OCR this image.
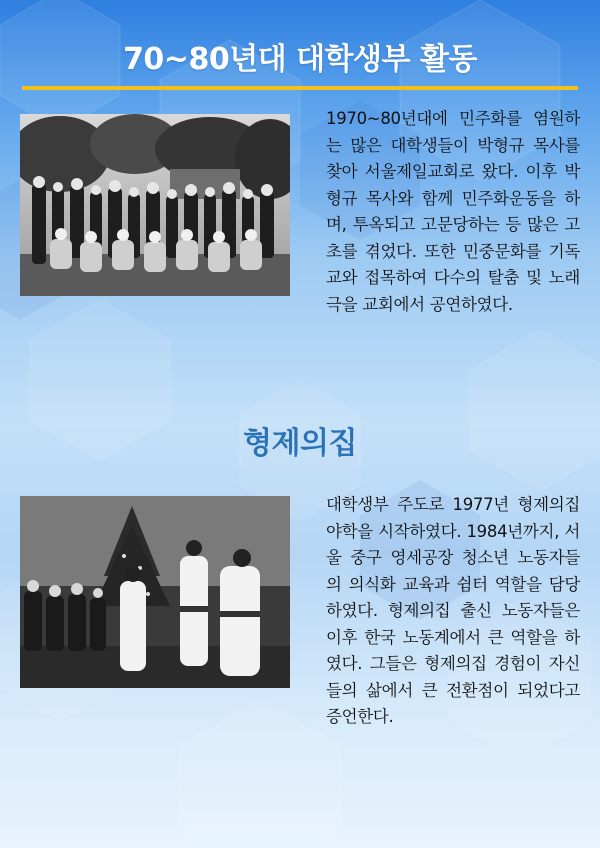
70~80년대 대학생부 활동

1970~80년대에 민주화를 염원하는 많은 대학생들이 박형규 목사를 찾아 서울제일교회로 왔다. 이후 박형규 목사와 함께 민주화운동을 하며, 투옥되고 고문당하는 등 많은 고초를 겪었다. 또한 민중문화를 기독교와 접목하여 다수의 탈춤 및 노래극을 교회에서 공연하였다.

형제의집

대학생부 주도로 1977년 형제의집 야학을 시작하였다. 1984년까지, 서울 중구 영세공장 청소년 노동자들의 의식화 교육과 쉼터 역할을 담당하였다. 형제의집 출신 노동자들은 이후 한국 노동계에서 큰 역할을 하였다. 그들은 형제의집 경험이 자신들의 삶에서 큰 전환점이 되었다고 증언한다.
